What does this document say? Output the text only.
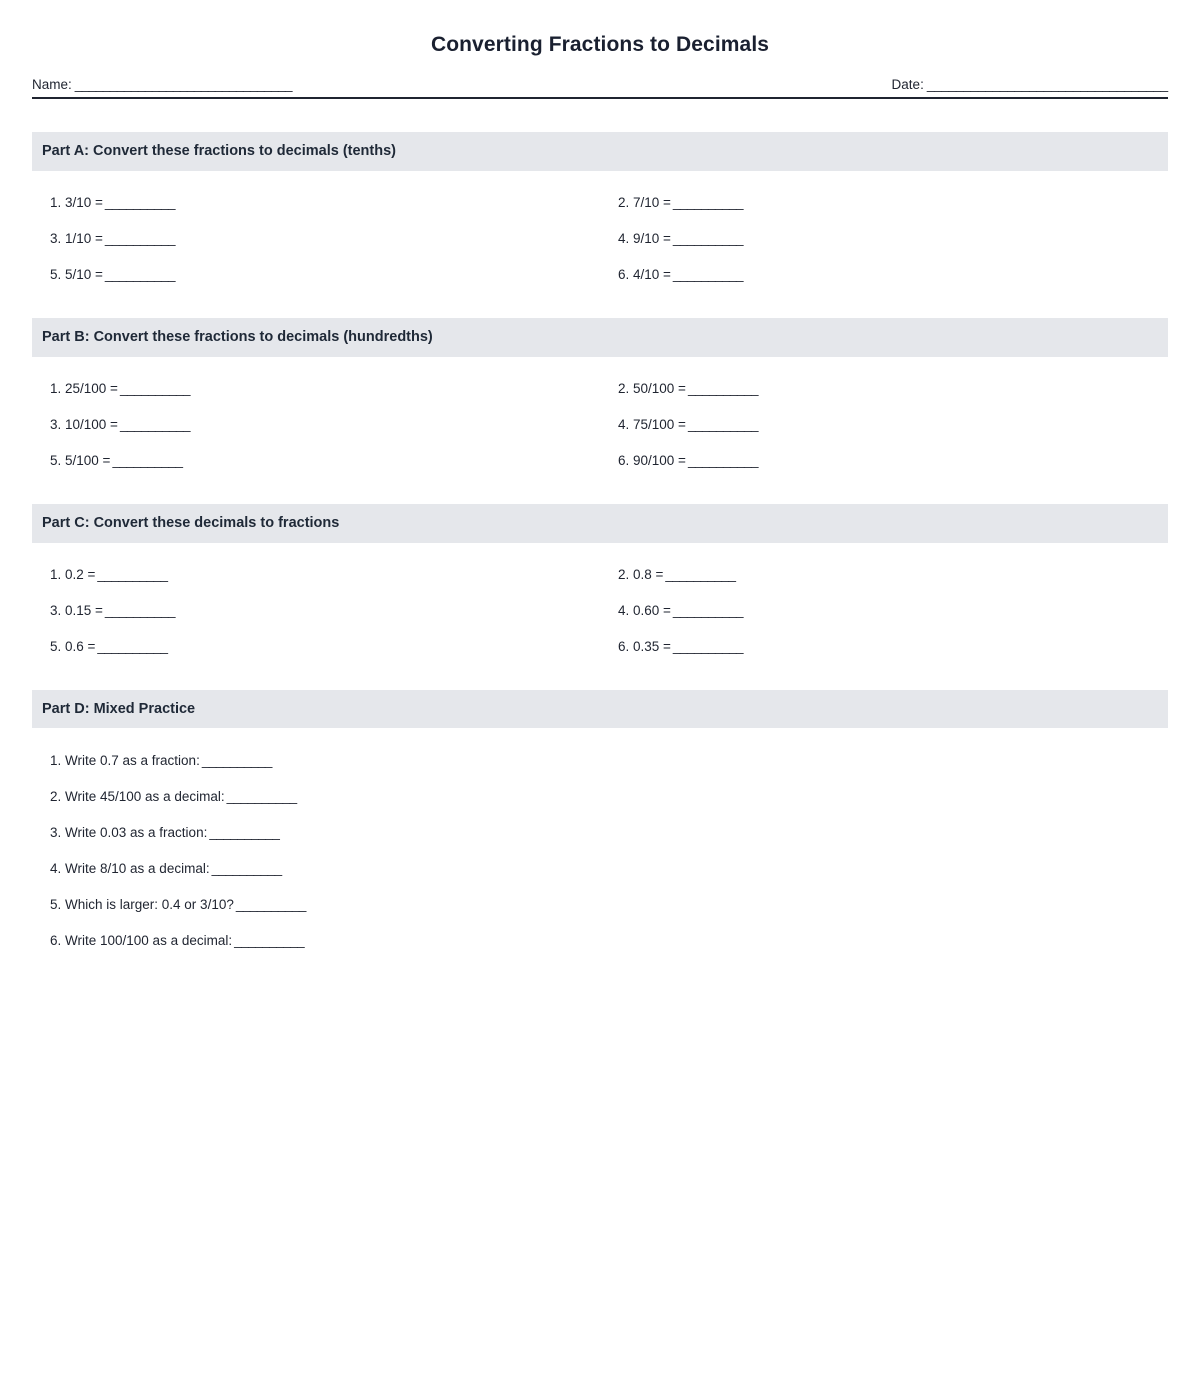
Converting Fractions to Decimals
Name: _______________________________	Date: _________________________________
Part A: Convert these fractions to decimals (tenths)
1. 3/10 = __________	2. 7/10 = __________
3. 1/10 = __________	4. 9/10 = __________
5. 5/10 = __________	6. 4/10 = __________
Part B: Convert these fractions to decimals (hundredths)
1. 25/100 = __________	2. 50/100 = __________
3. 10/100 = __________	4. 75/100 = __________
5. 5/100 = __________	6. 90/100 = __________
Part C: Convert these decimals to fractions
1. 0.2 = __________	2. 0.8 = __________
3. 0.15 = __________	4. 0.60 = __________
5. 0.6 = __________	6. 0.35 = __________
Part D: Mixed Practice
1. Write 0.7 as a fraction: __________
2. Write 45/100 as a decimal: __________
3. Write 0.03 as a fraction: __________
4. Write 8/10 as a decimal: __________
5. Which is larger: 0.4 or 3/10? __________
6. Write 100/100 as a decimal: __________
